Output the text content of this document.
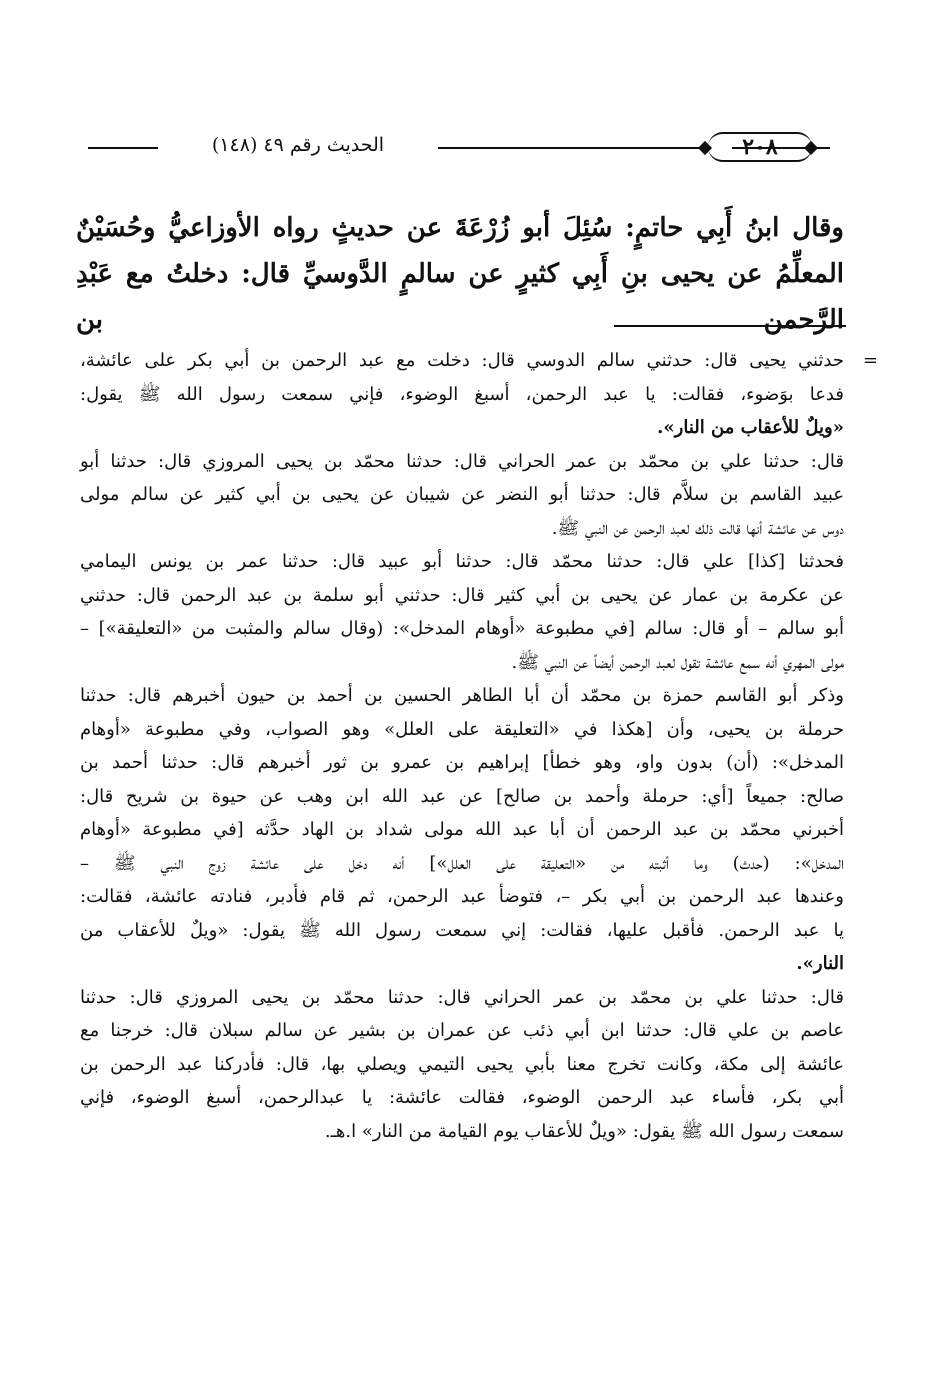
٢٠٨
الحديث رقم ٤٩ (١٤٨)
وقال ابنُ أَبِي حاتمٍ: سُئِلَ أبو زُرْعَةَ عن حديثٍ رواه الأوزاعيُّ وحُسَيْنٌ
المعلِّمُ عن يحيى بنِ أَبِي كثيرٍ عن سالمٍ الدَّوسيِّ قال: دخلتُ مع عَبْدِ الرَّحمن بن
=
حدثني يحيى قال: حدثني سالم الدوسي قال: دخلت مع عبد الرحمن بن أبي بكر على عائشة،
فدعا بوَضوء، فقالت: يا عبد الرحمن، أسبغ الوضوء، فإني سمعت رسول الله ﷺ يقول:
«ويلٌ للأعقاب من النار».
قال: حدثنا علي بن محمّد بن عمر الحراني قال: حدثنا محمّد بن يحيى المروزي قال: حدثنا أبو
عبيد القاسم بن سلاَّم قال: حدثنا أبو النضر عن شيبان عن يحيى بن أبي كثير عن سالم مولى
دوس عن عائشة أنها قالت ذلك لعبد الرحمن عن النبي ﷺ.
فحدثنا [كذا] علي قال: حدثنا محمّد قال: حدثنا أبو عبيد قال: حدثنا عمر بن يونس اليمامي
عن عكرمة بن عمار عن يحيى بن أبي كثير قال: حدثني أبو سلمة بن عبد الرحمن قال: حدثني
أبو سالم – أو قال: سالم [في مطبوعة «أوهام المدخل»: (وقال سالم والمثبت من «التعليقة»] –
مولى المهري أنه سمع عائشة تقول لعبد الرحمن أيضاً عن النبي ﷺ.
وذكر أبو القاسم حمزة بن محمّد أن أبا الطاهر الحسين بن أحمد بن حيون أخبرهم قال: حدثنا
حرملة بن يحيى، وأن [هكذا في «التعليقة على العلل» وهو الصواب، وفي مطبوعة «أوهام
المدخل»: (أن) بدون واو، وهو خطأ] إبراهيم بن عمرو بن ثور أخبرهم قال: حدثنا أحمد بن
صالح: جميعاً [أي: حرملة وأحمد بن صالح] عن عبد الله ابن وهب عن حيوة بن شريح قال:
أخبرني محمّد بن عبد الرحمن أن أبا عبد الله مولى شداد بن الهاد حدَّثه [في مطبوعة «أوهام
المدخل»: (حدث) وما أثبته من «التعليقة على العلل»] أنه دخل على عائشة زوج النبي ﷺ –
وعندها عبد الرحمن بن أبي بكر –، فتوضأ عبد الرحمن، ثم قام فأدبر، فنادته عائشة، فقالت:
يا عبد الرحمن. فأقبل عليها، فقالت: إني سمعت رسول الله ﷺ يقول: «ويلٌ للأعقاب من
النار».
قال: حدثنا علي بن محمّد بن عمر الحراني قال: حدثنا محمّد بن يحيى المروزي قال: حدثنا
عاصم بن علي قال: حدثنا ابن أبي ذئب عن عمران بن بشير عن سالم سبلان قال: خرجنا مع
عائشة إلى مكة، وكانت تخرج معنا بأبي يحيى التيمي ويصلي بها، قال: فأدركنا عبد الرحمن بن
أبي بكر، فأساء عبد الرحمن الوضوء، فقالت عائشة: يا عبدالرحمن، أسبغ الوضوء، فإني
سمعت رسول الله ﷺ يقول: «ويلٌ للأعقاب يوم القيامة من النار» ا.هـ.
